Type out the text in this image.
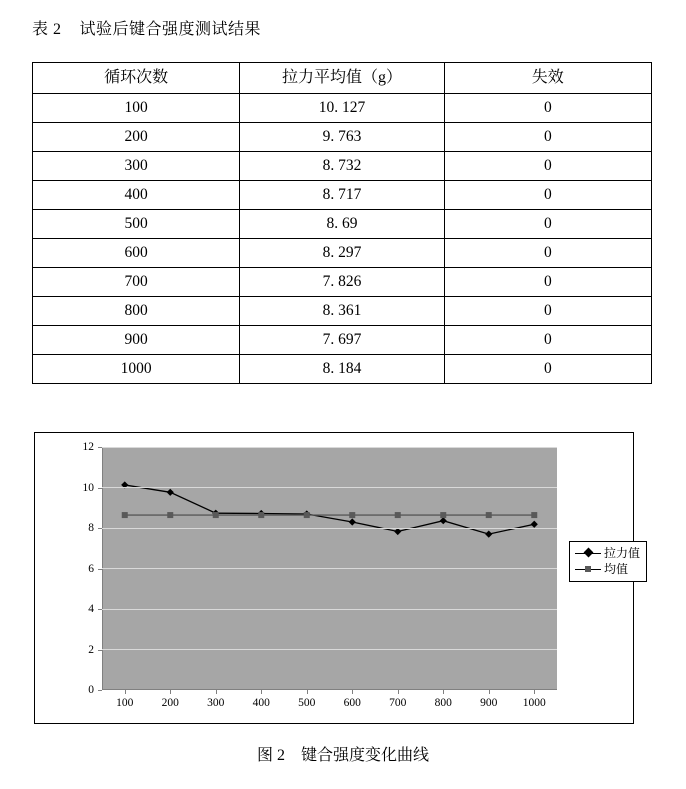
表 2    试验后键合强度测试结果
循环次数	拉力平均值（g）	失效
100	10. 127	0
200	9. 763	0
300	8. 732	0
400	8. 717	0
500	8. 69	0
600	8. 297	0
700	7. 826	0
800	8. 361	0
900	7. 697	0
1000	8. 184	0
0
2
4
6
8
10
12
100	200	300	400	500	600	700	800	900	1000
拉力值
均值
图 2    键合强度变化曲线
